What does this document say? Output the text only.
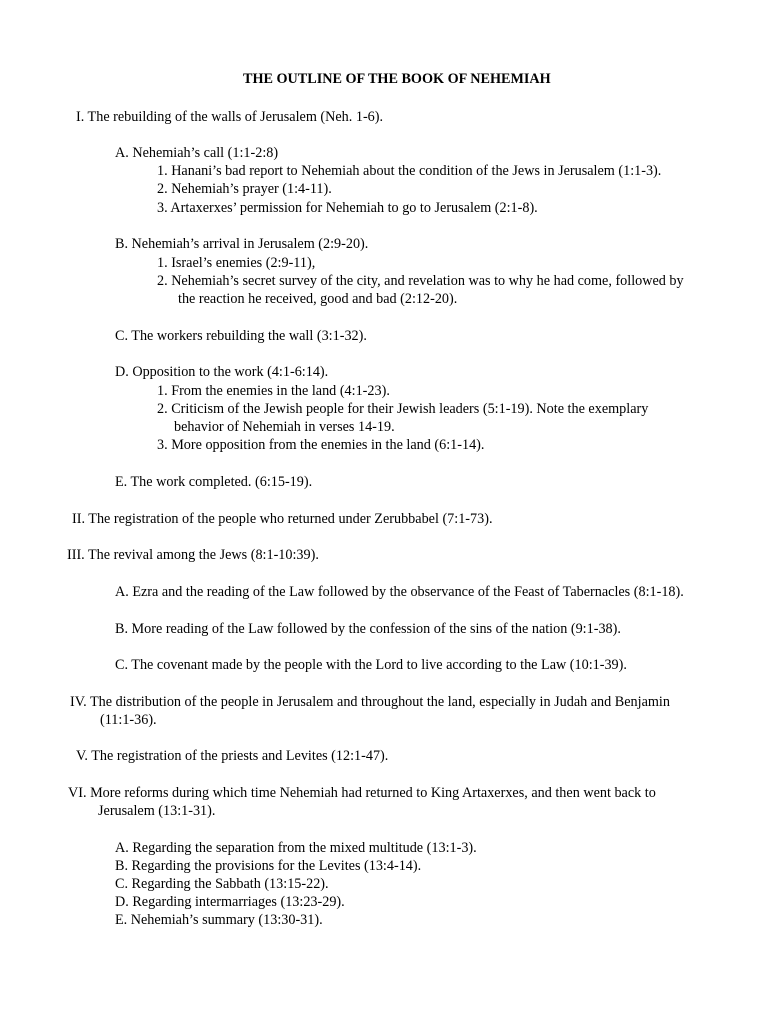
THE OUTLINE OF THE BOOK OF NEHEMIAH
I. The rebuilding of the walls of Jerusalem (Neh. 1-6).
A. Nehemiah’s call (1:1-2:8)
1. Hanani’s bad report to Nehemiah about the condition of the Jews in Jerusalem (1:1-3).
2. Nehemiah’s prayer (1:4-11).
3. Artaxerxes’ permission for Nehemiah to go to Jerusalem (2:1-8).
B. Nehemiah’s arrival in Jerusalem (2:9-20).
1. Israel’s enemies (2:9-11),
2. Nehemiah’s secret survey of the city, and revelation was to why he had come, followed by
the reaction he received, good and bad (2:12-20).
C. The workers rebuilding the wall (3:1-32).
D. Opposition to the work (4:1-6:14).
1. From the enemies in the land (4:1-23).
2. Criticism of the Jewish people for their Jewish leaders (5:1-19). Note the exemplary
behavior of Nehemiah in verses 14-19.
3. More opposition from the enemies in the land (6:1-14).
E. The work completed. (6:15-19).
II. The registration of the people who returned under Zerubbabel (7:1-73).
III. The revival among the Jews (8:1-10:39).
A. Ezra and the reading of the Law followed by the observance of the Feast of Tabernacles (8:1-18).
B. More reading of the Law followed by the confession of the sins of the nation (9:1-38).
C. The covenant made by the people with the Lord to live according to the Law (10:1-39).
IV. The distribution of the people in Jerusalem and throughout the land, especially in Judah and Benjamin
(11:1-36).
V. The registration of the priests and Levites (12:1-47).
VI. More reforms during which time Nehemiah had returned to King Artaxerxes, and then went back to
Jerusalem (13:1-31).
A. Regarding the separation from the mixed multitude (13:1-3).
B. Regarding the provisions for the Levites (13:4-14).
C. Regarding the Sabbath (13:15-22).
D. Regarding intermarriages (13:23-29).
E. Nehemiah’s summary (13:30-31).
